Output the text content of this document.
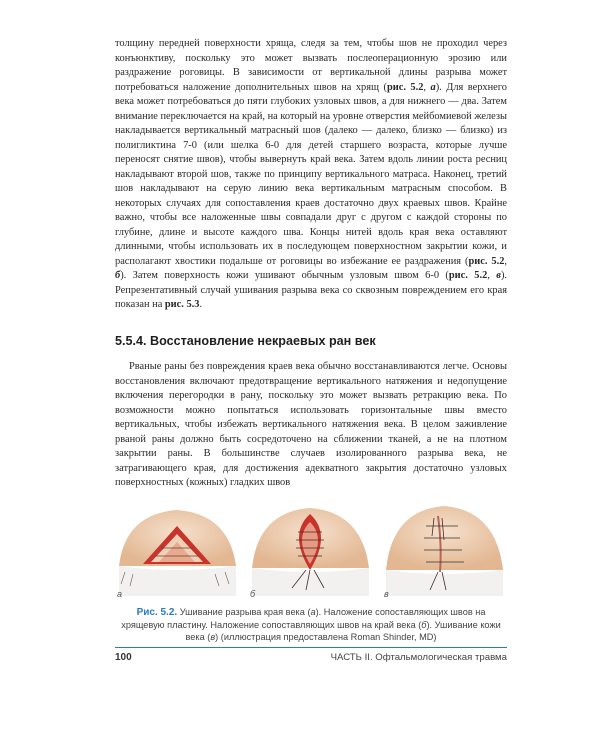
толщину передней поверхности хряща, следя за тем, чтобы шов не проходил через конъюнктиву, поскольку это может вызвать послеоперационную эрозию или раздражение роговицы. В зависимости от вертикальной длины разрыва может потребоваться наложение дополнительных швов на хрящ (рис. 5.2, а). Для верхнего века может потребоваться до пяти глубоких узловых швов, а для нижнего — два. Затем внимание переключается на край, на который на уровне отверстия мейбомиевой железы накладывается вертикальный матрасный шов (далеко — далеко, близко — близко) из полигликтина 7-0 (или шелка 6-0 для детей старшего возраста, которые лучше переносят снятие швов), чтобы вывернуть край века. Затем вдоль линии роста ресниц накладывают второй шов, также по принципу вертикального матраса. Наконец, третий шов накладывают на серую линию века вертикальным матрасным способом. В некоторых случаях для сопоставления краев достаточно двух краевых швов. Крайне важно, чтобы все наложенные швы совпадали друг с другом с каждой стороны по глубине, длине и высоте каждого шва. Концы нитей вдоль края века оставляют длинными, чтобы использовать их в последующем поверхностном закрытии кожи, и располагают хвостики подальше от роговицы во избежание ее раздражения (рис. 5.2, б). Затем поверхность кожи ушивают обычным узловым швом 6-0 (рис. 5.2, в). Репрезентативный случай ушивания разрыва века со сквозным повреждением его края показан на рис. 5.3.
5.5.4. Восстановление некраевых ран век
Рваные раны без повреждения краев века обычно восстанавливаются легче. Основы восстановления включают предотвращение вертикального натяжения и недопущение включения перегородки в рану, поскольку это может вызвать ретракцию века. По возможности можно попытаться использовать горизонтальные швы вместо вертикальных, чтобы избежать вертикального натяжения века. В целом заживление рваной раны должно быть сосредоточено на сближении тканей, а не на плотном закрытии раны. В большинстве случаев изолированного разрыва века, не затрагивающего края, для достижения адекватного закрытия достаточно узловых поверхностных (кожных) гладких швов
а	б	в
Рис. 5.2. Ушивание разрыва края века (а). Наложение сопоставляющих швов на хрящевую пластину. Наложение сопоставляющих швов на край века (б). Ушивание кожи века (в) (иллюстрация предоставлена Roman Shinder, MD)
100	ЧАСТЬ II. Офтальмологическая травма
